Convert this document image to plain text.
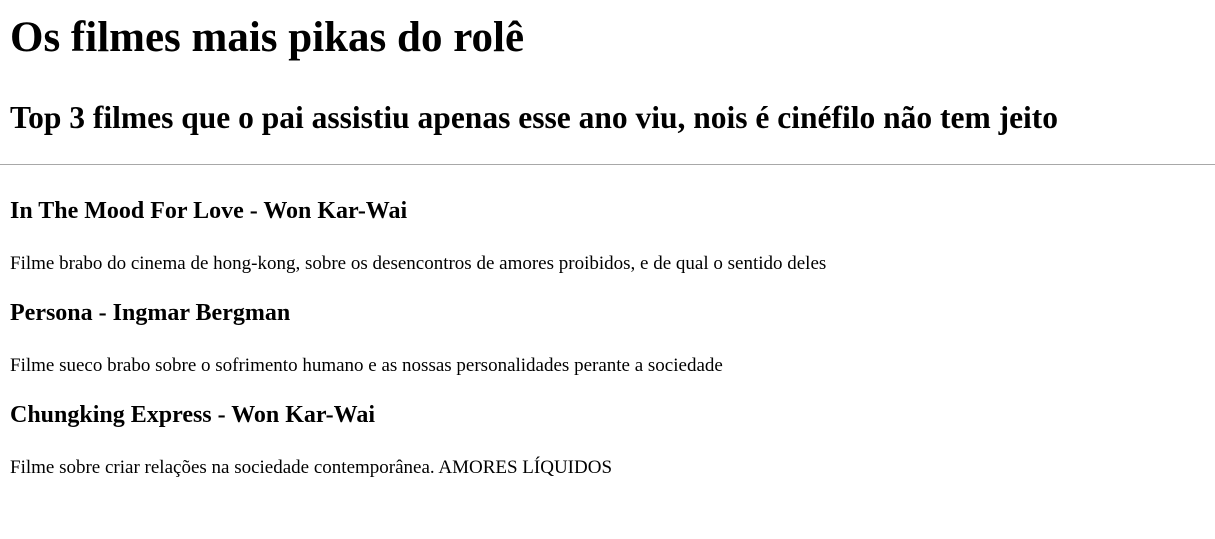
Os filmes mais pikas do rolê
Top 3 filmes que o pai assistiu apenas esse ano viu, nois é cinéfilo não tem jeito
In The Mood For Love - Won Kar-Wai

Filme brabo do cinema de hong-kong, sobre os desencontros de amores proibidos, e de qual o sentido deles

Persona - Ingmar Bergman

Filme sueco brabo sobre o sofrimento humano e as nossas personalidades perante a sociedade

Chungking Express - Won Kar-Wai

Filme sobre criar relações na sociedade contemporânea. AMORES LÍQUIDOS
